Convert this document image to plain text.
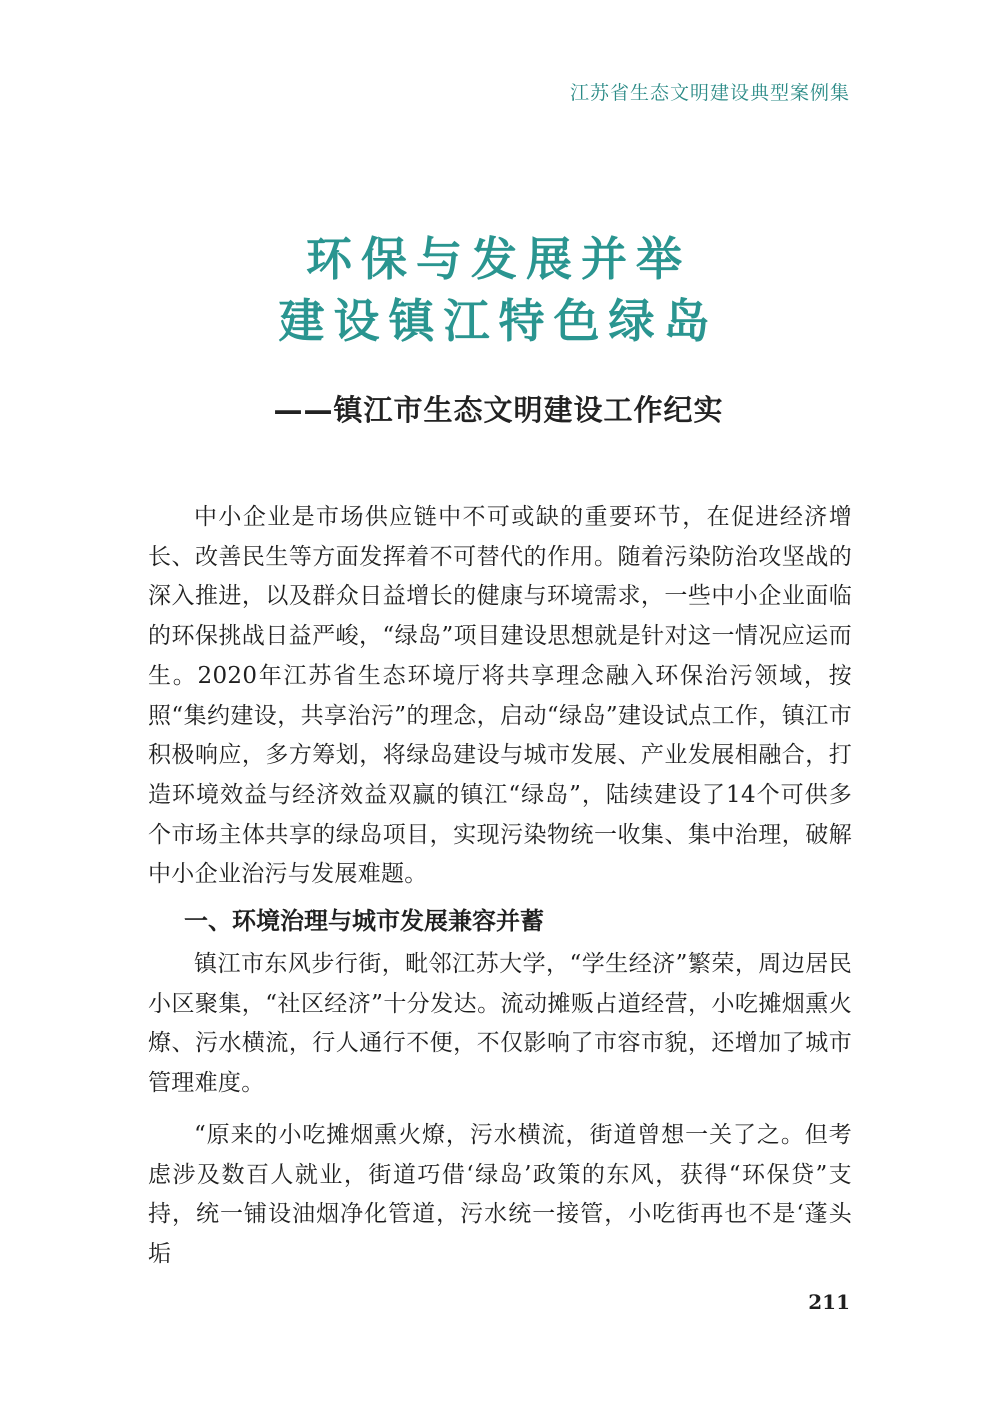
江苏省生态文明建设典型案例集
环保与发展并举
建设镇江特色绿岛
——镇江市生态文明建设工作纪实

中小企业是市场供应链中不可或缺的重要环节，在促进经济增长、改善民生等方面发挥着不可替代的作用。随着污染防治攻坚战的深入推进，以及群众日益增长的健康与环境需求，一些中小企业面临的环保挑战日益严峻，“绿岛”项目建设思想就是针对这一情况应运而生。2020年江苏省生态环境厅将共享理念融入环保治污领域，按照“集约建设，共享治污”的理念，启动“绿岛”建设试点工作，镇江市积极响应，多方筹划，将绿岛建设与城市发展、产业发展相融合，打造环境效益与经济效益双赢的镇江“绿岛”，陆续建设了14个可供多个市场主体共享的绿岛项目，实现污染物统一收集、集中治理，破解中小企业治污与发展难题。

一、环境治理与城市发展兼容并蓄

镇江市东风步行街，毗邻江苏大学，“学生经济”繁荣，周边居民小区聚集，“社区经济”十分发达。流动摊贩占道经营，小吃摊烟熏火燎、污水横流，行人通行不便，不仅影响了市容市貌，还增加了城市管理难度。

“原来的小吃摊烟熏火燎，污水横流，街道曾想一关了之。但考虑涉及数百人就业，街道巧借‘绿岛’政策的东风，获得“环保贷”支持，统一铺设油烟净化管道，污水统一接管，小吃街再也不是‘蓬头垢

211
